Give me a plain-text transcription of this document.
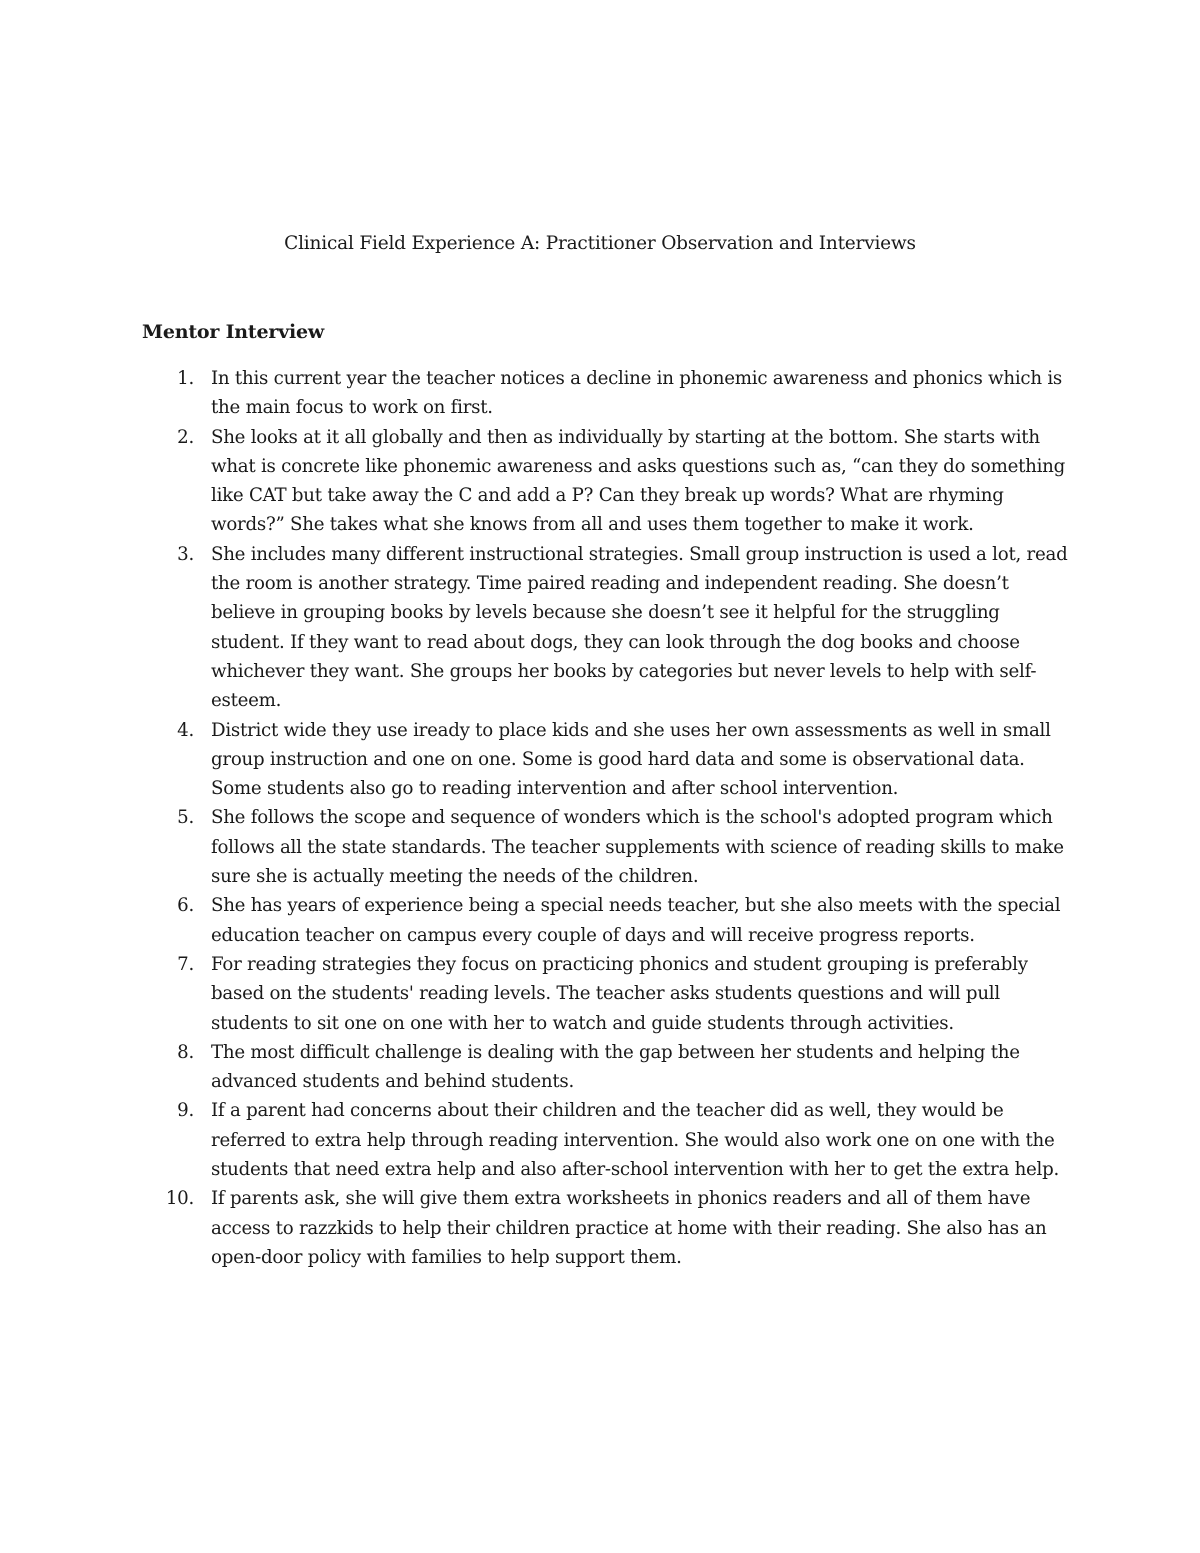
Clinical Field Experience A: Practitioner Observation and Interviews
Mentor Interview
1. In this current year the teacher notices a decline in phonemic awareness and phonics which is the main focus to work on first.
2. She looks at it all globally and then as individually by starting at the bottom. She starts with what is concrete like phonemic awareness and asks questions such as, “can they do something like CAT but take away the C and add a P? Can they break up words? What are rhyming words?” She takes what she knows from all and uses them together to make it work.
3. She includes many different instructional strategies. Small group instruction is used a lot, read the room is another strategy. Time paired reading and independent reading. She doesn’t believe in grouping books by levels because she doesn’t see it helpful for the struggling student. If they want to read about dogs, they can look through the dog books and choose whichever they want. She groups her books by categories but never levels to help with self-esteem.
4. District wide they use iready to place kids and she uses her own assessments as well in small group instruction and one on one. Some is good hard data and some is observational data. Some students also go to reading intervention and after school intervention.
5. She follows the scope and sequence of wonders which is the school's adopted program which follows all the state standards. The teacher supplements with science of reading skills to make sure she is actually meeting the needs of the children.
6. She has years of experience being a special needs teacher, but she also meets with the special education teacher on campus every couple of days and will receive progress reports.
7. For reading strategies they focus on practicing phonics and student grouping is preferably based on the students' reading levels. The teacher asks students questions and will pull students to sit one on one with her to watch and guide students through activities.
8. The most difficult challenge is dealing with the gap between her students and helping the advanced students and behind students.
9. If a parent had concerns about their children and the teacher did as well, they would be referred to extra help through reading intervention. She would also work one on one with the students that need extra help and also after-school intervention with her to get the extra help.
10. If parents ask, she will give them extra worksheets in phonics readers and all of them have access to razzkids to help their children practice at home with their reading. She also has an open-door policy with families to help support them.
